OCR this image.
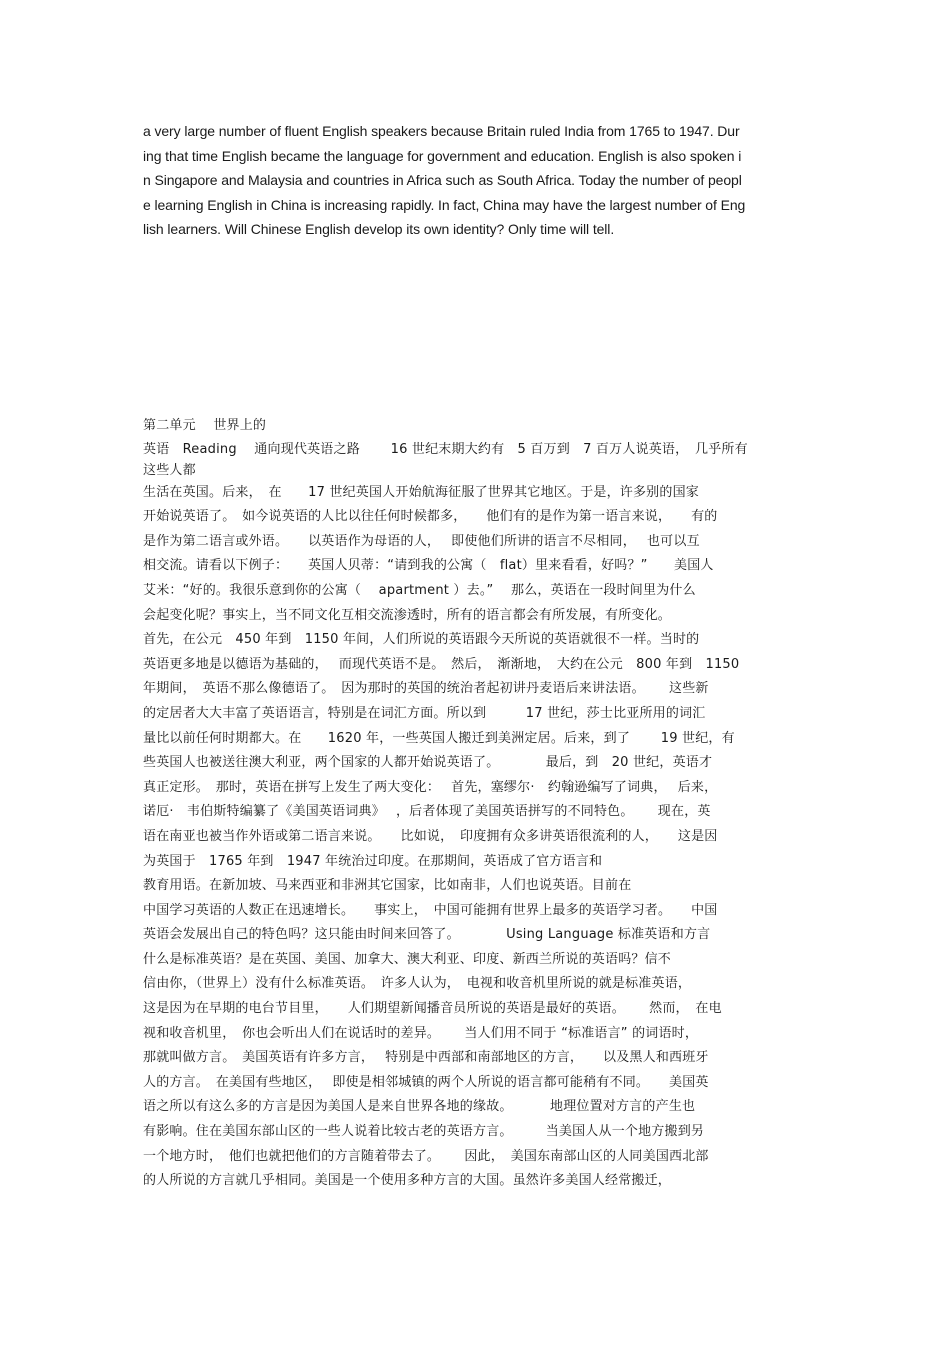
a very large number of fluent English speakers because Britain ruled India from 1765 to 1947. Dur
ing that time English became the language for government and education. English is also spoken i
n Singapore and Malaysia and countries in Africa such as South Africa. Today the number of peopl
e learning English in China is increasing rapidly. In fact, China may have the largest number of Eng
lish learners. Will Chinese English develop its own identity? Only time will tell.
第二单元　 世界上的
英语　Reading　 通向现代英语之路　　 16 世纪末期大约有　5 百万到　7 百万人说英语，　几乎所有
这些人都
生活在英国。后来，　在　　17 世纪英国人开始航海征服了世界其它地区。于是，许多别的国家
开始说英语了。　如今说英语的人比以往任何时候都多，　　他们有的是作为第一语言来说，　　有的
是作为第二语言或外语。　　以英语作为母语的人，　 即使他们所讲的语言不尽相同，　 也可以互
相交流。请看以下例子：　　英国人贝蒂：“请到我的公寓（　flat）里来看看，好吗？”　　美国人
艾米：“好的。我很乐意到你的公寓（　 apartment ）去。”　 那么，英语在一段时间里为什么
会起变化呢？事实上，当不同文化互相交流渗透时，所有的语言都会有所发展，有所变化。
首先，在公元　450 年到　1150 年间，人们所说的英语跟今天所说的英语就很不一样。当时的
英语更多地是以德语为基础的，　 而现代英语不是。　然后，　渐渐地，　大约在公元　800 年到　1150
年期间，　英语不那么像德语了。　因为那时的英国的统治者起初讲丹麦语后来讲法语。　　 这些新
的定居者大大丰富了英语语言，特别是在词汇方面。所以到　　　17 世纪，莎士比亚所用的词汇
量比以前任何时期都大。在　　1620 年，一些英国人搬迁到美洲定居。后来，到了　　 19 世纪，有
些英国人也被送往澳大利亚，两个国家的人都开始说英语了。　　　　最后，到　20 世纪，英语才
真正定形。　那时，英语在拼写上发生了两大变化：　 首先，塞缪尔·　约翰逊编写了词典，　 后来，
诺厄·　韦伯斯特编纂了《美国英语词典》　 ，后者体现了美国英语拼写的不同特色。　　 现在，英
语在南亚也被当作外语或第二语言来说。　　比如说，　印度拥有众多讲英语很流利的人，　　这是因
为英国于　1765 年到　1947 年统治过印度。在那期间，英语成了官方语言和
教育用语。在新加坡、马来西亚和非洲其它国家，比如南非，人们也说英语。目前在
中国学习英语的人数正在迅速增长。　　事实上，　中国可能拥有世界上最多的英语学习者。　　中国
英语会发展出自己的特色吗？这只能由时间来回答了。　　　　Using Language 标准英语和方言
什么是标准英语？是在英国、美国、加拿大、澳大利亚、印度、新西兰所说的英语吗？信不
信由你，（世界上）没有什么标准英语。　许多人认为，　电视和收音机里所说的就是标准英语，
这是因为在早期的电台节目里，　　人们期望新闻播音员所说的英语是最好的英语。　　 然而，　在电
视和收音机里，　你也会听出人们在说话时的差异。　　 当人们用不同于 “标准语言” 的词语时，
那就叫做方言。　美国英语有许多方言，　 特别是中西部和南部地区的方言，　　以及黑人和西班牙
人的方言。　在美国有些地区，　 即使是相邻城镇的两个人所说的语言都可能稍有不同。　　美国英
语之所以有这么多的方言是因为美国人是来自世界各地的缘故。　　　 地理位置对方言的产生也
有影响。住在美国东部山区的一些人说着比较古老的英语方言。　　　当美国人从一个地方搬到另
一个地方时，　他们也就把他们的方言随着带去了。　　 因此，　美国东南部山区的人同美国西北部
的人所说的方言就几乎相同。美国是一个使用多种方言的大国。虽然许多美国人经常搬迁，
